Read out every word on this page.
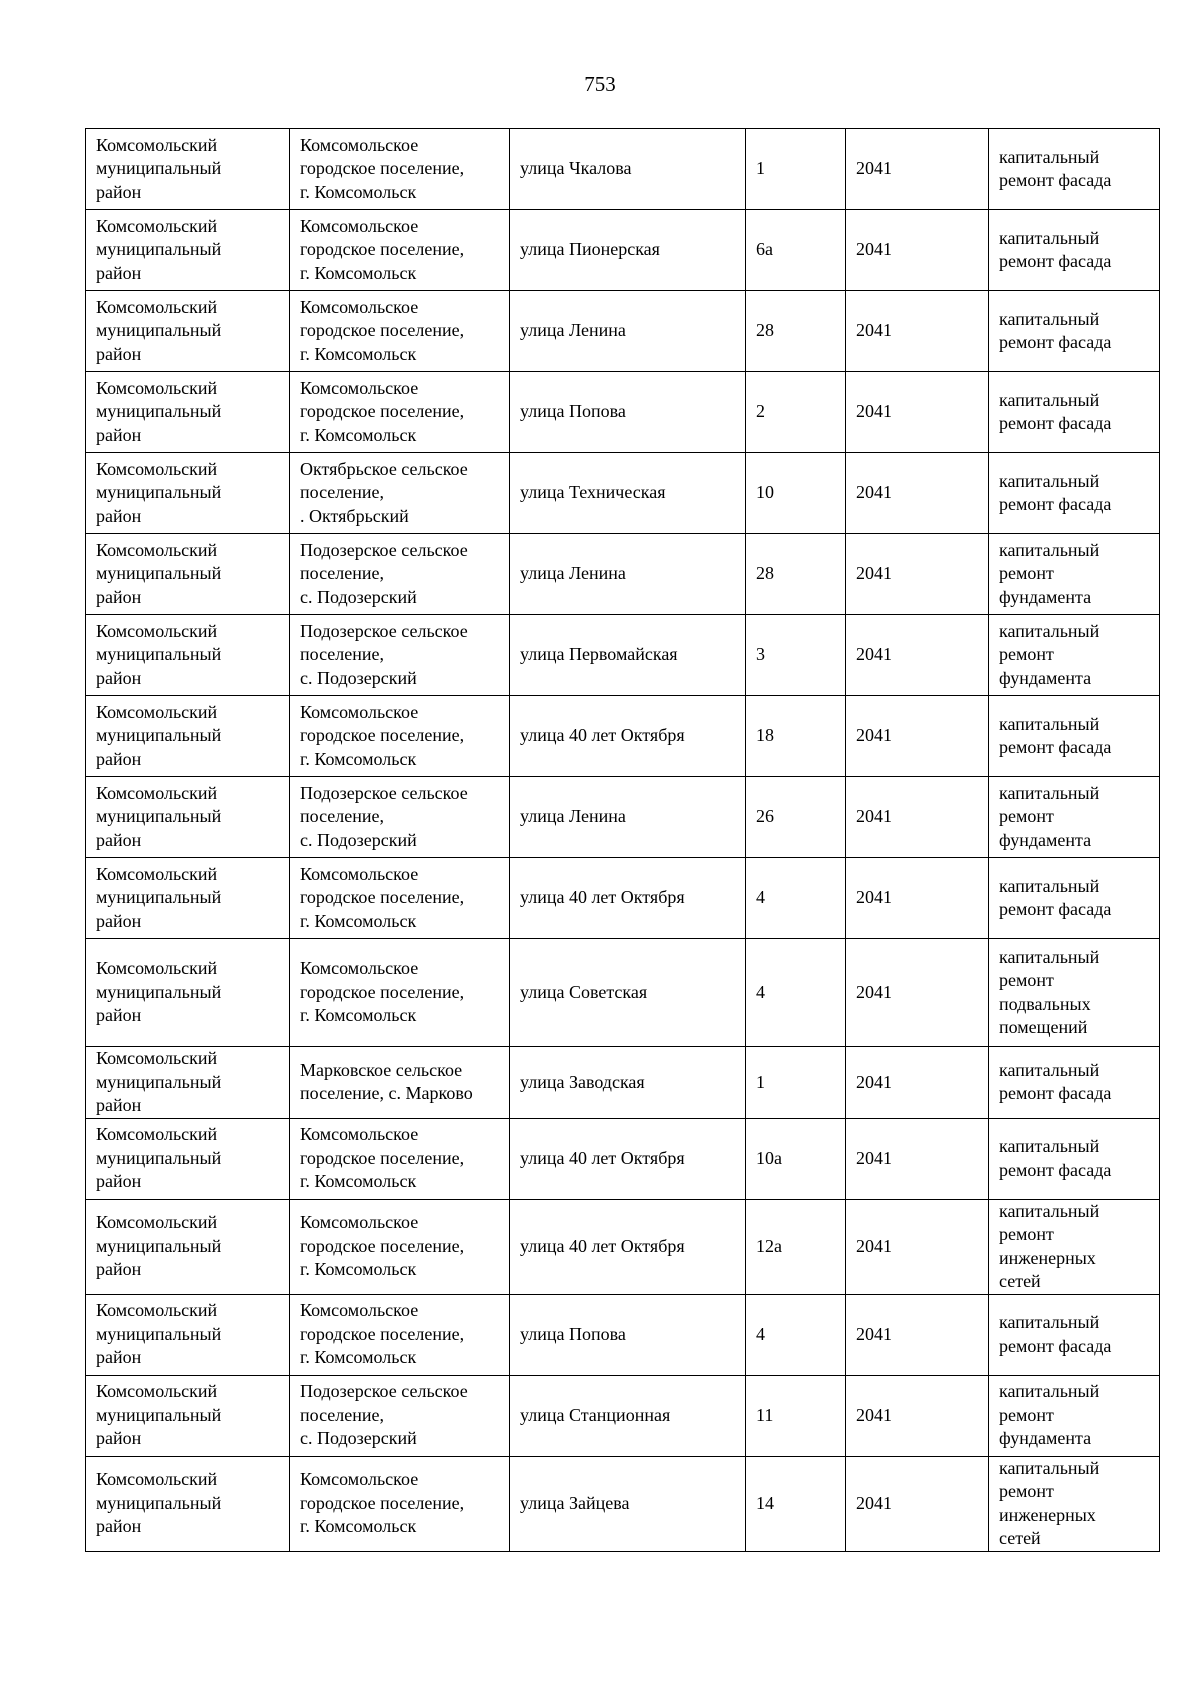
753
Комсомольский
муниципальный
район	Комсомольское
городское поселение,
г. Комсомольск	улица Чкалова	1	2041	капитальный
ремонт фасада

Комсомольский
муниципальный
район	Комсомольское
городское поселение,
г. Комсомольск	улица Пионерская	6а	2041	капитальный
ремонт фасада

Комсомольский
муниципальный
район	Комсомольское
городское поселение,
г. Комсомольск	улица Ленина	28	2041	капитальный
ремонт фасада

Комсомольский
муниципальный
район	Комсомольское
городское поселение,
г. Комсомольск	улица Попова	2	2041	капитальный
ремонт фасада

Комсомольский
муниципальный
район	Октябрьское сельское
поселение,
. Октябрьский	улица Техническая	10	2041	капитальный
ремонт фасада

Комсомольский
муниципальный
район	Подозерское сельское
поселение,
с. Подозерский	улица Ленина	28	2041	капитальный
ремонт
фундамента

Комсомольский
муниципальный
район	Подозерское сельское
поселение,
с. Подозерский	улица Первомайская	3	2041	капитальный
ремонт
фундамента

Комсомольский
муниципальный
район	Комсомольское
городское поселение,
г. Комсомольск	улица 40 лет Октября	18	2041	капитальный
ремонт фасада

Комсомольский
муниципальный
район	Подозерское сельское
поселение,
с. Подозерский	улица Ленина	26	2041	капитальный
ремонт
фундамента

Комсомольский
муниципальный
район	Комсомольское
городское поселение,
г. Комсомольск	улица 40 лет Октября	4	2041	капитальный
ремонт фасада

Комсомольский
муниципальный
район	Комсомольское
городское поселение,
г. Комсомольск	улица Советская	4	2041	капитальный
ремонт
подвальных
помещений

Комсомольский
муниципальный
район	Марковское сельское
поселение, с. Марково	улица Заводская	1	2041	капитальный
ремонт фасада

Комсомольский
муниципальный
район	Комсомольское
городское поселение,
г. Комсомольск	улица 40 лет Октября	10а	2041	капитальный
ремонт фасада

Комсомольский
муниципальный
район	Комсомольское
городское поселение,
г. Комсомольск	улица 40 лет Октября	12а	2041	капитальный
ремонт
инженерных
сетей

Комсомольский
муниципальный
район	Комсомольское
городское поселение,
г. Комсомольск	улица Попова	4	2041	капитальный
ремонт фасада

Комсомольский
муниципальный
район	Подозерское сельское
поселение,
с. Подозерский	улица Станционная	11	2041	капитальный
ремонт
фундамента

Комсомольский
муниципальный
район	Комсомольское
городское поселение,
г. Комсомольск	улица Зайцева	14	2041	капитальный
ремонт
инженерных
сетей
